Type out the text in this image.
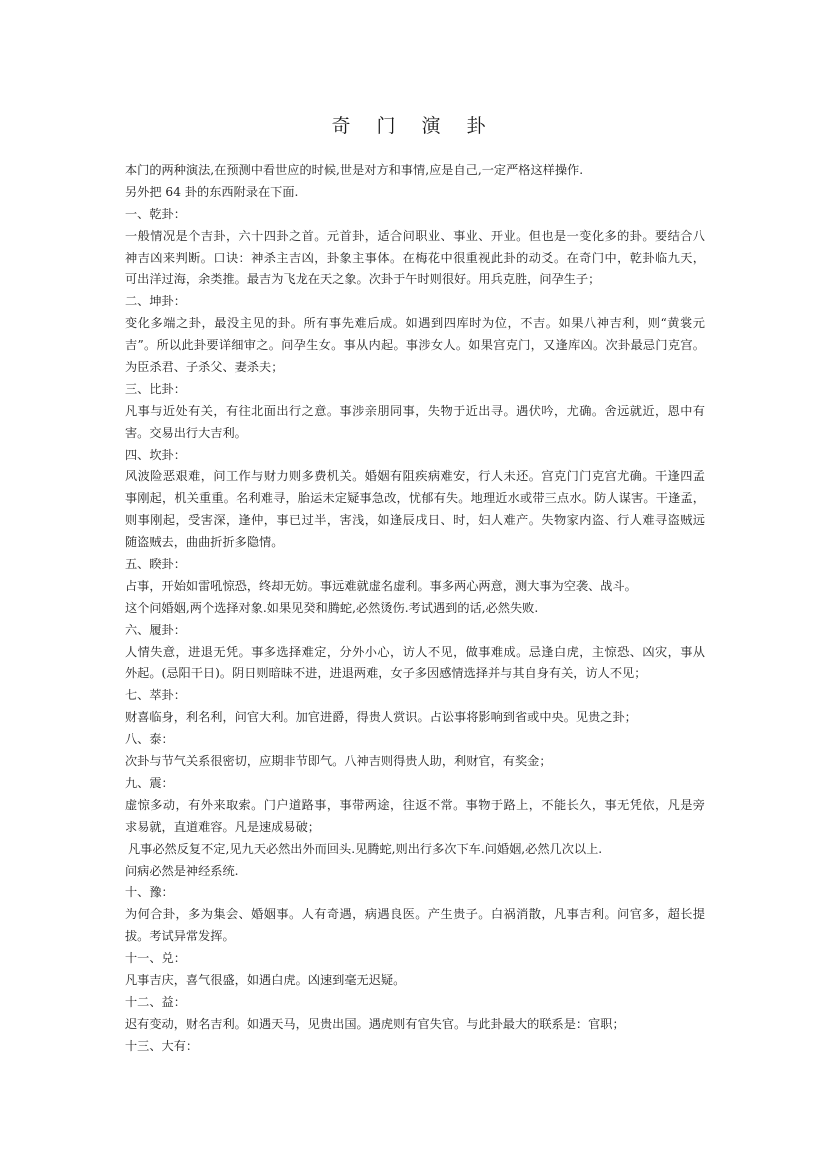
奇 门 演 卦
本门的两种演法,在预测中看世应的时候,世是对方和事情,应是自己,一定严格这样操作.
另外把 64 卦的东西附录在下面.
一、乾卦：
一般情况是个吉卦，六十四卦之首。元首卦，适合问职业、事业、开业。但也是一变化多的卦。要结合八
神吉凶来判断。口诀：神杀主吉凶，卦象主事体。在梅花中很重视此卦的动爻。在奇门中，乾卦临九天，
可出洋过海，余类推。最吉为飞龙在天之象。次卦于午时则很好。用兵克胜，问孕生子；
二、坤卦：
变化多端之卦，最没主见的卦。所有事先难后成。如遇到四库时为位，不吉。如果八神吉利，则“黄裳元
吉”。所以此卦要详细审之。问孕生女。事从内起。事涉女人。如果宫克门，又逢库凶。次卦最忌门克宫。
为臣杀君、子杀父、妻杀夫；
三、比卦：
凡事与近处有关，有往北面出行之意。事涉亲朋同事，失物于近出寻。遇伏吟，尤确。舍远就近，恩中有
害。交易出行大吉利。
四、坎卦：
风波险恶艰难，问工作与财力则多费机关。婚姻有阻疾病难安，行人未还。宫克门门克宫尤确。干逢四孟
事刚起，机关重重。名利难寻，胎运未定疑事急改，忧郁有失。地理近水或带三点水。防人谋害。干逢孟，
则事刚起，受害深，逢仲，事已过半，害浅，如逢辰戌日、时，妇人难产。失物家内盗、行人难寻盗贼远
随盗贼去，曲曲折折多隐情。
五、睽卦：
占事，开始如雷吼惊恐，终却无妨。事远难就虚名虚利。事多两心两意，测大事为空袭、战斗。
这个问婚姻,两个选择对象.如果见癸和腾蛇,必然烫伤.考试遇到的话,必然失败.
六、履卦：
人情失意，进退无凭。事多选择难定，分外小心，访人不见，做事难成。忌逢白虎，主惊恐、凶灾，事从
外起。(忌阳干日)。阴日则暗昧不进，进退两难，女子多因感情选择并与其自身有关，访人不见；
七、萃卦：
财喜临身，利名利，问官大利。加官进爵，得贵人赏识。占讼事将影响到省或中央。见贵之卦；
八、泰：
次卦与节气关系很密切，应期非节即气。八神吉则得贵人助，利财官，有奖金；
九、震：
虚惊多动，有外来取索。门户道路事，事带两途，往返不常。事物于路上，不能长久，事无凭依，凡是旁
求易就，直道难容。凡是速成易破；
凡事必然反复不定,见九天必然出外而回头.见腾蛇,则出行多次下车.问婚姻,必然几次以上.
问病必然是神经系统.
十、豫：
为何合卦，多为集会、婚姻事。人有奇遇，病遇良医。产生贵子。白祸消散，凡事吉利。问官多，超长提
拔。考试异常发挥。
十一、兑：
凡事吉庆，喜气很盛，如遇白虎。凶速到毫无迟疑。
十二、益：
迟有变动，财名吉利。如遇天马，见贵出国。遇虎则有官失官。与此卦最大的联系是：官职；
十三、大有：
